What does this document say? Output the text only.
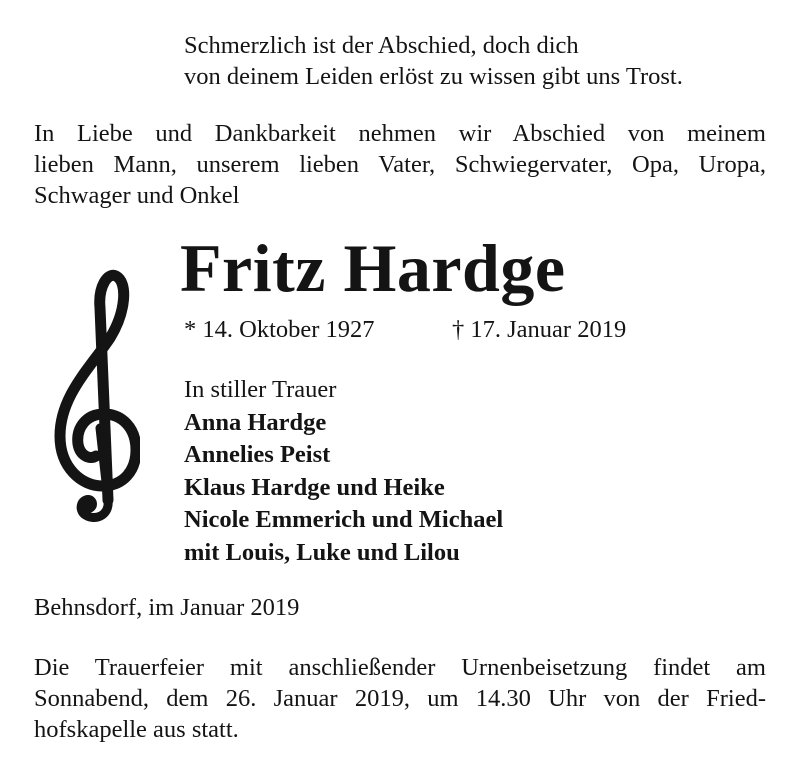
Schmerzlich ist der Abschied, doch dich
von deinem Leiden erlöst zu wissen gibt uns Trost.
In Liebe und Dankbarkeit nehmen wir Abschied von meinem
lieben Mann, unserem lieben Vater, Schwiegervater, Opa, Uropa,
Schwager und Onkel
Fritz Hardge
* 14. Oktober 1927	† 17. Januar 2019
In stiller Trauer
Anna Hardge
Annelies Peist
Klaus Hardge und Heike
Nicole Emmerich und Michael
mit Louis, Luke und Lilou
Behnsdorf, im Januar 2019
Die Trauerfeier mit anschließender Urnenbeisetzung findet am
Sonnabend, dem 26. Januar 2019, um 14.30 Uhr von der Fried-
hofskapelle aus statt.
